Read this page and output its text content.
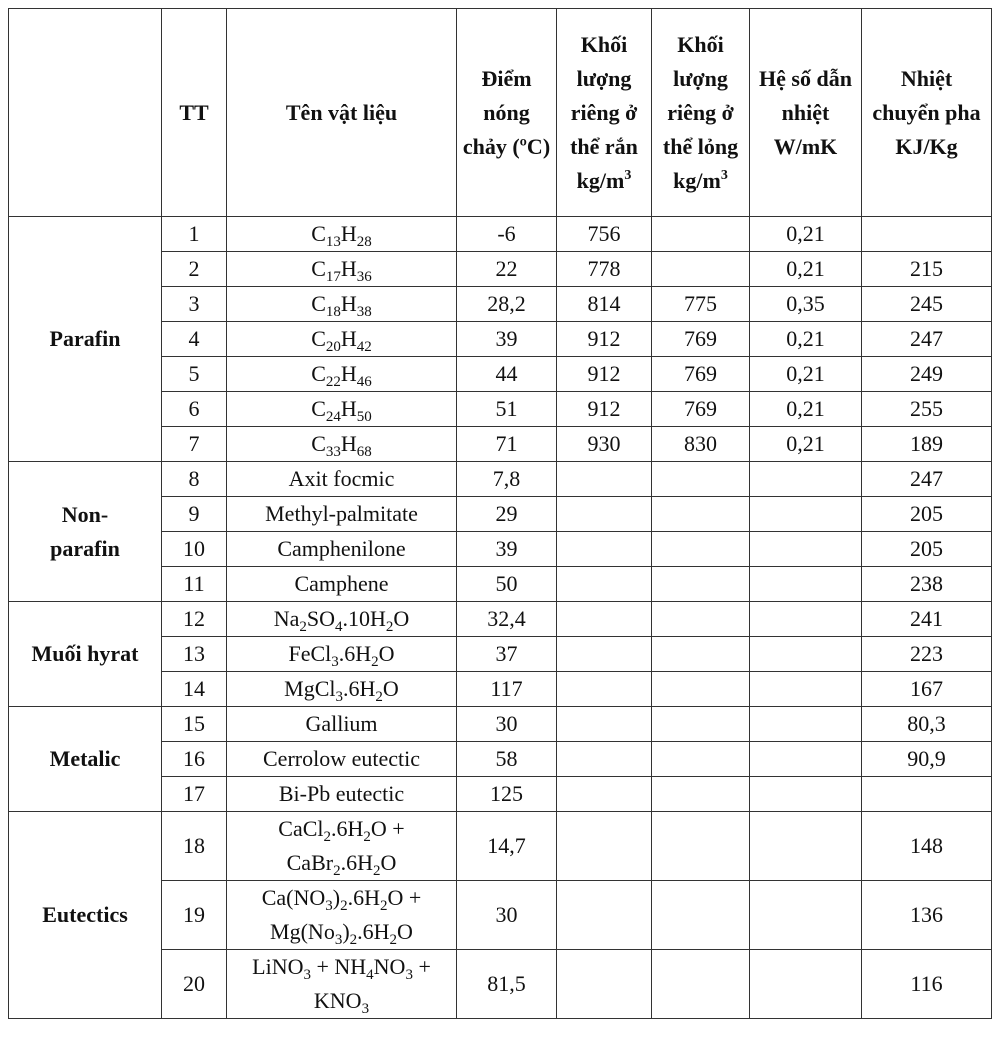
	TT	Tên vật liệu	Điểm nóng chảy (ºC)	Khối lượng riêng ở thể rắn $kg/m^3$	Khối lượng riêng ở thể lỏng $kg/m^3$	Hệ số dẫn nhiệt W/mK	Nhiệt chuyển pha KJ/Kg
Parafin	1	$C_{13}H_{28}$	-6	756		0,21	
	2	$C_{17}H_{36}$	22	778		0,21	215
	3	$C_{18}H_{38}$	28,2	814	775	0,35	245
	4	$C_{20}H_{42}$	39	912	769	0,21	247
	5	$C_{22}H_{46}$	44	912	769	0,21	249
	6	$C_{24}H_{50}$	51	912	769	0,21	255
	7	$C_{33}H_{68}$	71	930	830	0,21	189
Non-parafin	8	Axit focmic	7,8				247
	9	Methyl-palmitate	29				205
	10	Camphenilone	39				205
	11	Camphene	50				238
Muối hyrat	12	$Na_2SO_4.10H_2O$	32,4				241
	13	$FeCl_3.6H_2O$	37				223
	14	$MgCl_3.6H_2O$	117				167
Metalic	15	Gallium	30				80,3
	16	Cerrolow eutectic	58				90,9
	17	Bi-Pb eutectic	125				
Eutectics	18	$CaCl_2.6H_2O$ + $CaBr_2.6H_2O$	14,7				148
	19	$Ca(NO_3)_2.6H_2O + Mg(No_3)_2.6H_2O$	30				136
	20	LiNO$_3$ + $NH_4NO_3 + KNO_3$	81,5				116
